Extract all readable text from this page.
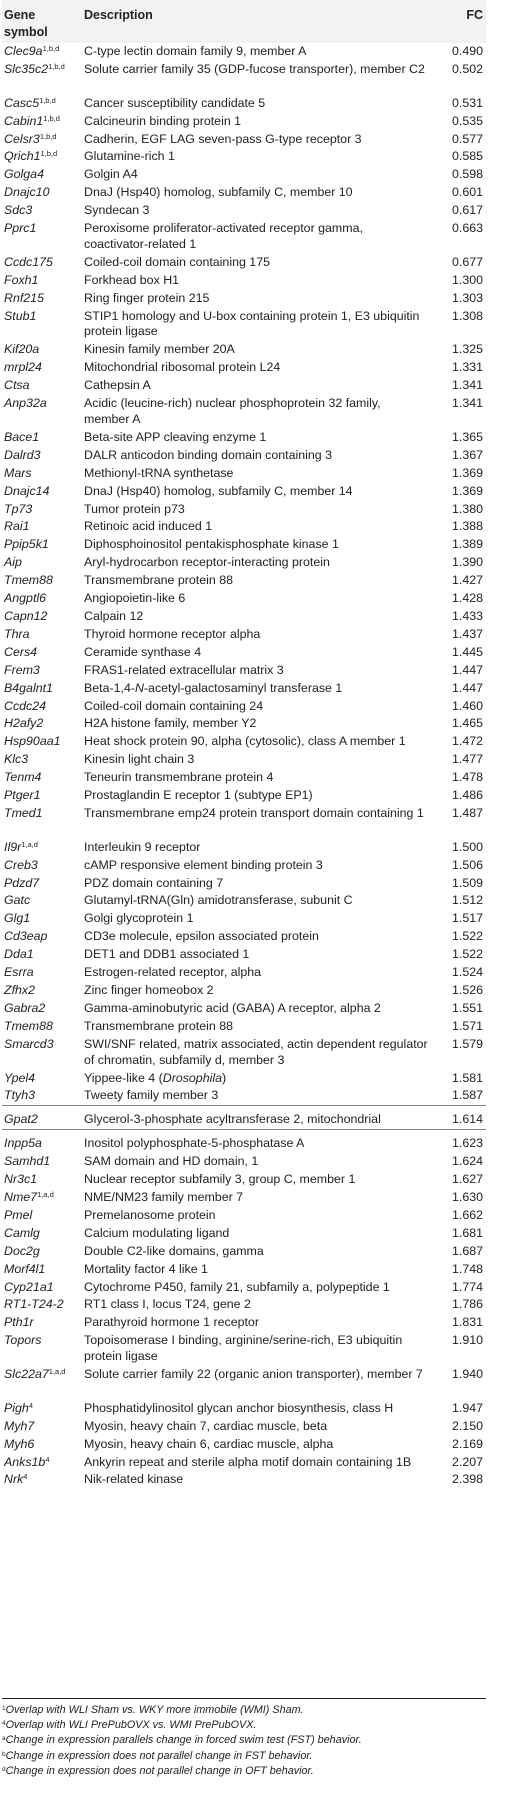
Gene symbol	Description	FC
$Clec9a^{1,b,d}$	C-type lectin domain family 9, member A	0.490
Slc35c2$^{1,b,d}$	Solute carrier family 35 (GDP-fucose transporter), member C2	0.502
Casc5$^{1,b,d}$	Cancer susceptibility candidate 5	0.531
Cabin1$^{1,b,d}$	Calcineurin binding protein 1	0.535
Celsr3$^{1,b,d}$	Cadherin, EGF LAG seven-pass G-type receptor 3	0.577
Qrich1$^{1,b,d}$	Glutamine-rich 1	0.585
Golga4	Golgin A4	0.598
Dnajc10	DnaJ (Hsp40) homolog, subfamily C, member 10	0.601
Sdc3	Syndecan 3	0.617
Pprc1	Peroxisome proliferator-activated receptor gamma, coactivator-related 1	0.663
Ccdc175	Coiled-coil domain containing 175	0.677
Foxh1	Forkhead box H1	1.300
Rnf215	Ring finger protein 215	1.303
Stub1	STIP1 homology and U-box containing protein 1, E3 ubiquitin protein ligase	1.308
Kif20a	Kinesin family member 20A	1.325
mrpl24	Mitochondrial ribosomal protein L24	1.331
Ctsa	Cathepsin A	1.341
Anp32a	Acidic (leucine-rich) nuclear phosphoprotein 32 family, member A	1.341
Bace1	Beta-site APP cleaving enzyme 1	1.365
Dalrd3	DALR anticodon binding domain containing 3	1.367
Mars	Methionyl-tRNA synthetase	1.369
Dnajc14	DnaJ (Hsp40) homolog, subfamily C, member 14	1.369
Tp73	Tumor protein p73	1.380
Rai1	Retinoic acid induced 1	1.388
Ppip5k1	Diphosphoinositol pentakisphosphate kinase 1	1.389
Aip	Aryl-hydrocarbon receptor-interacting protein	1.390
Tmem88	Transmembrane protein 88	1.427
Angptl6	Angiopoietin-like 6	1.428
Capn12	Calpain 12	1.433
Thra	Thyroid hormone receptor alpha	1.437
Cers4	Ceramide synthase 4	1.445
Frem3	FRAS1-related extracellular matrix 3	1.447
B4galnt1	Beta-1,4-N-acetyl-galactosaminyl transferase 1	1.447
Ccdc24	Coiled-coil domain containing 24	1.460
H2afy2	H2A histone family, member Y2	1.465
Hsp90aa1	Heat shock protein 90, alpha (cytosolic), class A member 1	1.472
Klc3	Kinesin light chain 3	1.477
Tenm4	Teneurin transmembrane protein 4	1.478
Ptger1	Prostaglandin E receptor 1 (subtype EP1)	1.486
Tmed1	Transmembrane emp24 protein transport domain containing 1	1.487
$Il9r^{1,a,d}$	Interleukin 9 receptor	1.500
Creb3	cAMP responsive element binding protein 3	1.506
Pdzd7	PDZ domain containing 7	1.509
Gatc	Glutamyl-tRNA(Gln) amidotransferase, subunit C	1.512
Glg1	Golgi glycoprotein 1	1.517
Cd3eap	CD3e molecule, epsilon associated protein	1.522
Dda1	DET1 and DDB1 associated 1	1.522
Esrra	Estrogen-related receptor, alpha	1.524
Zfhx2	Zinc finger homeobox 2	1.526
Gabra2	Gamma-aminobutyric acid (GABA) A receptor, alpha 2	1.551
Tmem88	Transmembrane protein 88	1.571
Smarcd3	SWI/SNF related, matrix associated, actin dependent regulator of chromatin, subfamily d, member 3	1.579
Ypel4	Yippee-like 4 (Drosophila)	1.581
Ttyh3	Tweety family member 3	1.587
Gpat2	Glycerol-3-phosphate acyltransferase 2, mitochondrial	1.614
Inpp5a	Inositol polyphosphate-5-phosphatase A	1.623
Samhd1	SAM domain and HD domain, 1	1.624
Nr3c1	Nuclear receptor subfamily 3, group C, member 1	1.627
Nme7$^{1,a,d}$	NME/NM23 family member 7	1.630
Pmel	Premelanosome protein	1.662
Camlg	Calcium modulating ligand	1.681
Doc2g	Double C2-like domains, gamma	1.687
Morf4l1	Mortality factor 4 like 1	1.748
Cyp21a1	Cytochrome P450, family 21, subfamily a, polypeptide 1	1.774
RT1-T24-2	RT1 class I, locus T24, gene 2	1.786
Pth1r	Parathyroid hormone 1 receptor	1.831
Topors	Topoisomerase I binding, arginine/serine-rich, E3 ubiquitin protein ligase	1.910
Slc22a7$^{1,a,d}$	Solute carrier family 22 (organic anion transporter), member 7	1.940
Pigh$^4$	Phosphatidylinositol glycan anchor biosynthesis, class H	1.947
Myh7	Myosin, heavy chain 7, cardiac muscle, beta	2.150
Myh6	Myosin, heavy chain 6, cardiac muscle, alpha	2.169
$Anks1b^4$	Ankyrin repeat and sterile alpha motif domain containing 1B	2.207
Nrk$^4$	Nik-related kinase	2.398
$^1$Overlap with WLI Sham vs. WKY more immobile (WMI) Sham.
$^4$Overlap with WLI PrePubOVX vs. WMI PrePubOVX.
$^a$Change in expression parallels change in forced swim test (FST) behavior.
$^b$Change in expression does not parallel change in FST behavior.
$^d$Change in expression does not parallel change in OFT behavior.
